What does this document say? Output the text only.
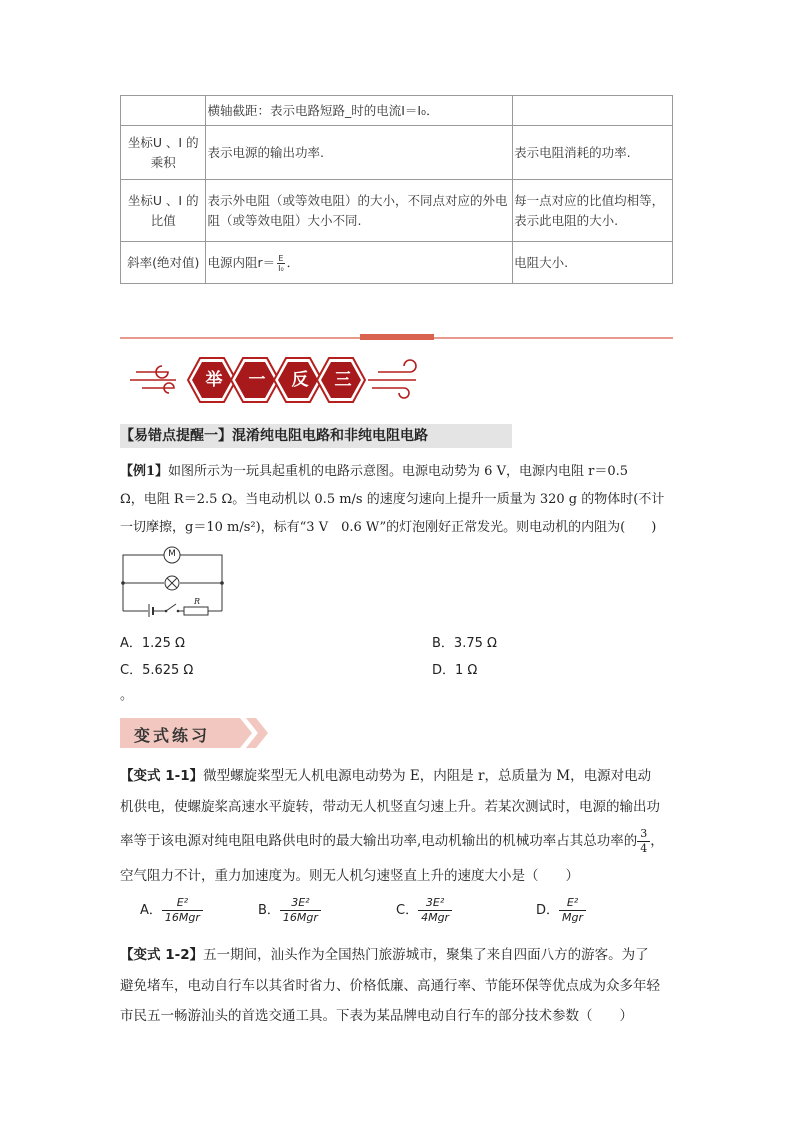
	横轴截距：表示电路短路_时的电流I＝I₀．	
坐标U 、I 的乘积	表示电源的输出功率.	表示电阻消耗的功率.
坐标U 、I 的比值	表示外电阻（或等效电阻）的大小，不同点对应的外电阻（或等效电阻）大小不同.	每一点对应的比值均相等，表示此电阻的大小.
斜率(绝对值)	电源内阻$r= \frac{E}{\text{I₀}}$ ．	电阻大小.
举 一 反 三
【易错点提醒一】混淆纯电阻电路和非纯电阻电路
【例1】如图所示为一玩具起重机的电路示意图。电源电动势为 6 V，电源内电阻 r＝0.5
Ω，电阻 R＝2.5 Ω。当电动机以 0.5 m/s 的速度匀速向上提升一质量为 320 g 的物体时(不计
一切摩擦，g＝10 m/s²)，标有“3 V　0.6 W”的灯泡刚好正常发光。则电动机的内阻为(　　)
M
R
A．1.25 Ω	B．3.75 Ω
C．5.625 Ω	D．1 Ω
。
变式练习
【变式 1-1】微型螺旋桨型无人机电源电动势为 E，内阻是 r，总质量为 M，电源对电动
机供电，使螺旋桨高速水平旋转，带动无人机竖直匀速上升。若某次测试时，电源的输出功
率等于该电源对纯电阻电路供电时的最大输出功率,电动机输出的机械功率占其总功率的 $\frac{3}{4}$ ，
空气阻力不计，重力加速度为。则无人机匀速竖直上升的速度大小是（　　）
A． $\frac{\text{E²}}{\text{16Mgr}}$	B． $\frac{\text{3E²}}{\text{16Mgr}}$	C． $\frac{\text{3E²}}{\text{4Mgr}}$	D． $\frac{\text{E²}}{\text{Mgr}}$
【变式 1-2】五一期间，汕头作为全国热门旅游城市，聚集了来自四面八方的游客。为了
避免堵车，电动自行车以其省时省力、价格低廉、高通行率、节能环保等优点成为众多年轻
市民五一畅游汕头的首选交通工具。下表为某品牌电动自行车的部分技术参数（　　）
